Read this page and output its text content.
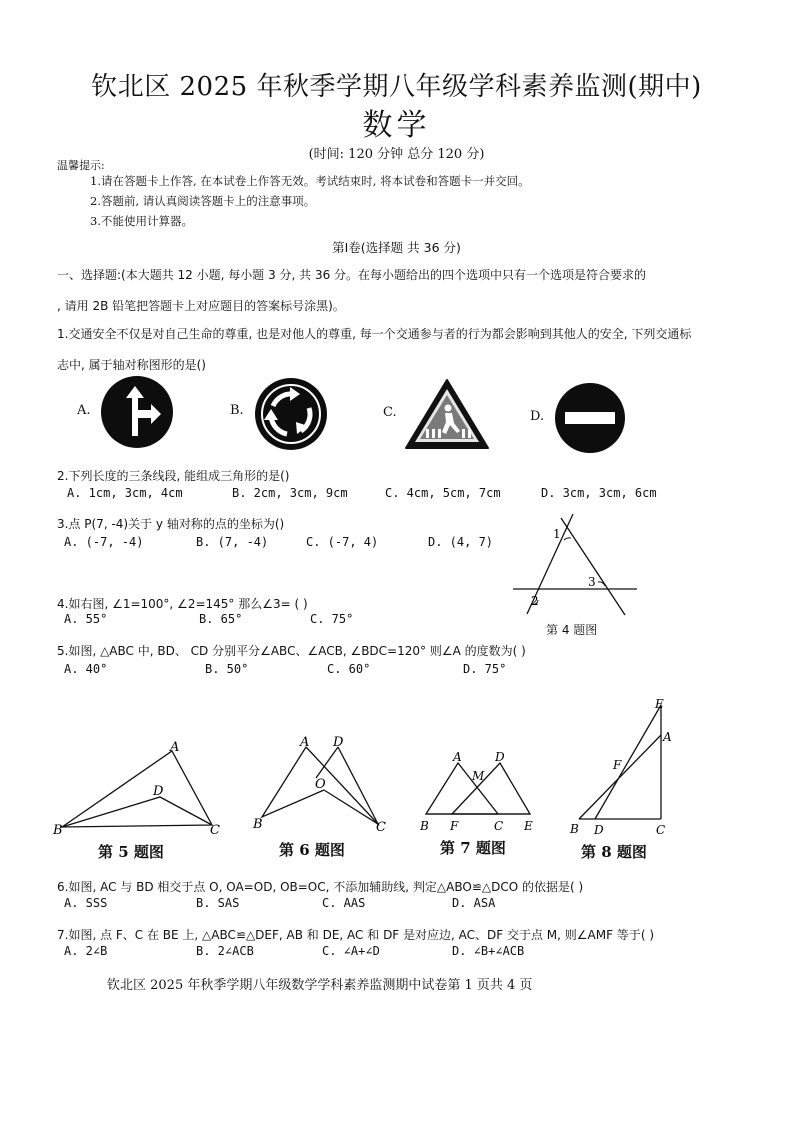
钦北区 2025 年秋季学期八年级学科素养监测(期中)
数学
(时间: 120 分钟 总分 120 分)
温馨提示:
1.请在答题卡上作答, 在本试卷上作答无效。考试结束时, 将本试卷和答题卡一并交回。
2.答题前, 请认真阅读答题卡上的注意事项。
3.不能使用计算器。
第Ⅰ卷(选择题 共 36 分)
一、选择题:(本大题共 12 小题, 每小题 3 分, 共 36 分。在每小题给出的四个选项中只有一个选项是符合要求的
, 请用 2B 铅笔把答题卡上对应题目的答案标号涂黑)。
1.交通安全不仅是对自己生命的尊重, 也是对他人的尊重, 每一个交通参与者的行为都会影响到其他人的安全, 下列交通标
志中, 属于轴对称图形的是()
A.	B.	C.	D.
2.下列长度的三条线段, 能组成三角形的是()
A. 1cm, 3cm, 4cm	B. 2cm, 3cm, 9cm	C. 4cm, 5cm, 7cm	D. 3cm, 3cm, 6cm
3.点 P(7, -4)关于 y 轴对称的点的坐标为()
A. (-7, -4)	B. (7, -4)	C. (-7, 4)	D. (4, 7)
1
2
3
第 4 题图
4.如右图, ∠1=100°, ∠2=145° 那么∠3= ( )
A. 55°	B. 65°	C. 75°
5.如图, △ABC 中, BD、 CD 分别平分∠ABC、∠ACB, ∠BDC=120° 则∠A 的度数为( )
A. 40°	B. 50°	C. 60°	D. 75°
A
B	C
D
第 5 题图
A D
O
B	C
第 6 题图
A	D
M
B F	C E
第 7 题图
E
A
F
B D	C
第 8 题图
6.如图, AC 与 BD 相交于点 O, OA=OD, OB=OC, 不添加辅助线, 判定△ABO≌△DCO 的依据是( )
A. SSS	B. SAS	C. AAS	D. ASA
7.如图, 点 F、C 在 BE 上, △ABC≌△DEF, AB 和 DE, AC 和 DF 是对应边, AC、DF 交于点 M, 则∠AMF 等于( )
A. 2∠B	B. 2∠ACB	C. ∠A+∠D	D. ∠B+∠ACB
钦北区 2025 年秋季学期八年级数学学科素养监测期中试卷第 1 页共 4 页
